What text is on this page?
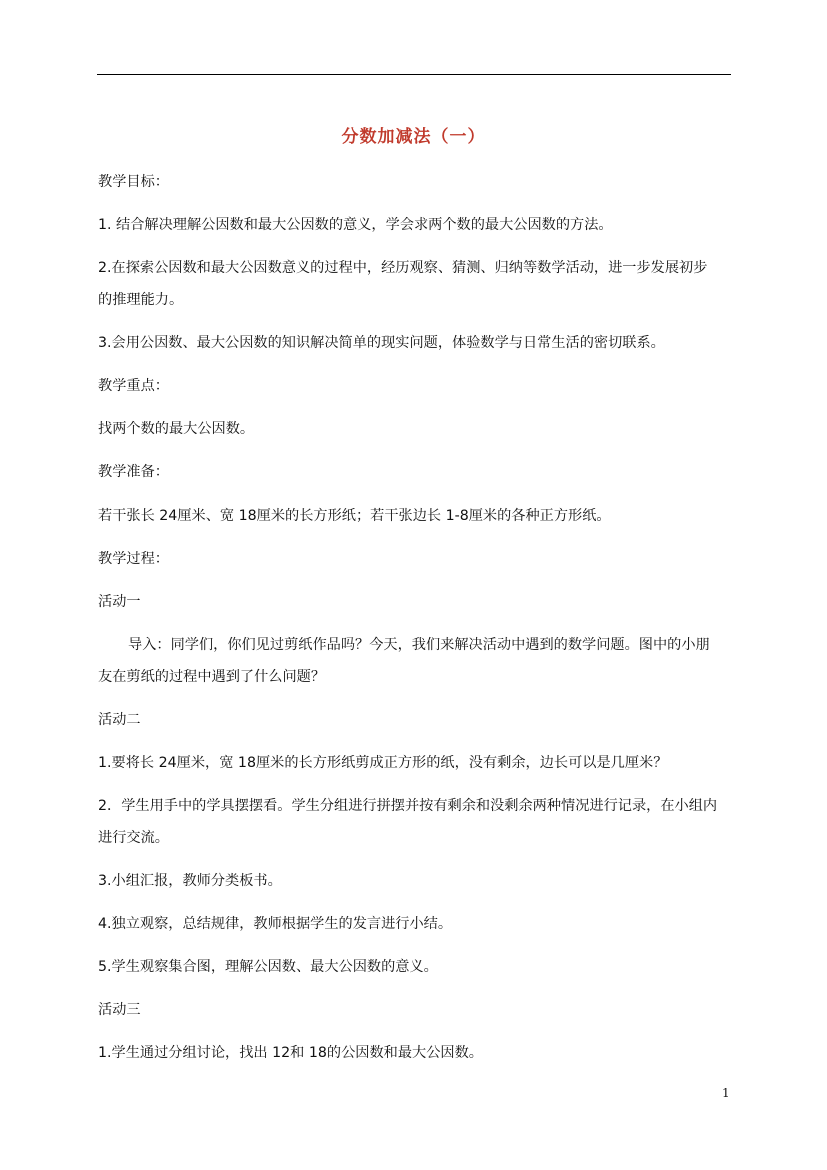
分数加减法（一）
教学目标：
1. 结合解决理解公因数和最大公因数的意义，学会求两个数的最大公因数的方法。
2.在探索公因数和最大公因数意义的过程中，经历观察、猜测、归纳等数学活动，进一步发展初步
的推理能力。
3.会用公因数、最大公因数的知识解决简单的现实问题，体验数学与日常生活的密切联系。
教学重点：
找两个数的最大公因数。
教学准备：
若干张长 24厘米、宽 18厘米的长方形纸；若干张边长 1-8厘米的各种正方形纸。
教学过程：
活动一
导入：同学们，你们见过剪纸作品吗？今天，我们来解决活动中遇到的数学问题。图中的小朋
友在剪纸的过程中遇到了什么问题？
活动二
1.要将长 24厘米，宽 18厘米的长方形纸剪成正方形的纸，没有剩余，边长可以是几厘米？
2．学生用手中的学具摆摆看。学生分组进行拼摆并按有剩余和没剩余两种情况进行记录，在小组内
进行交流。
3.小组汇报，教师分类板书。
4.独立观察，总结规律，教师根据学生的发言进行小结。
5.学生观察集合图，理解公因数、最大公因数的意义。
活动三
1.学生通过分组讨论，找出 12和 18的公因数和最大公因数。
1
